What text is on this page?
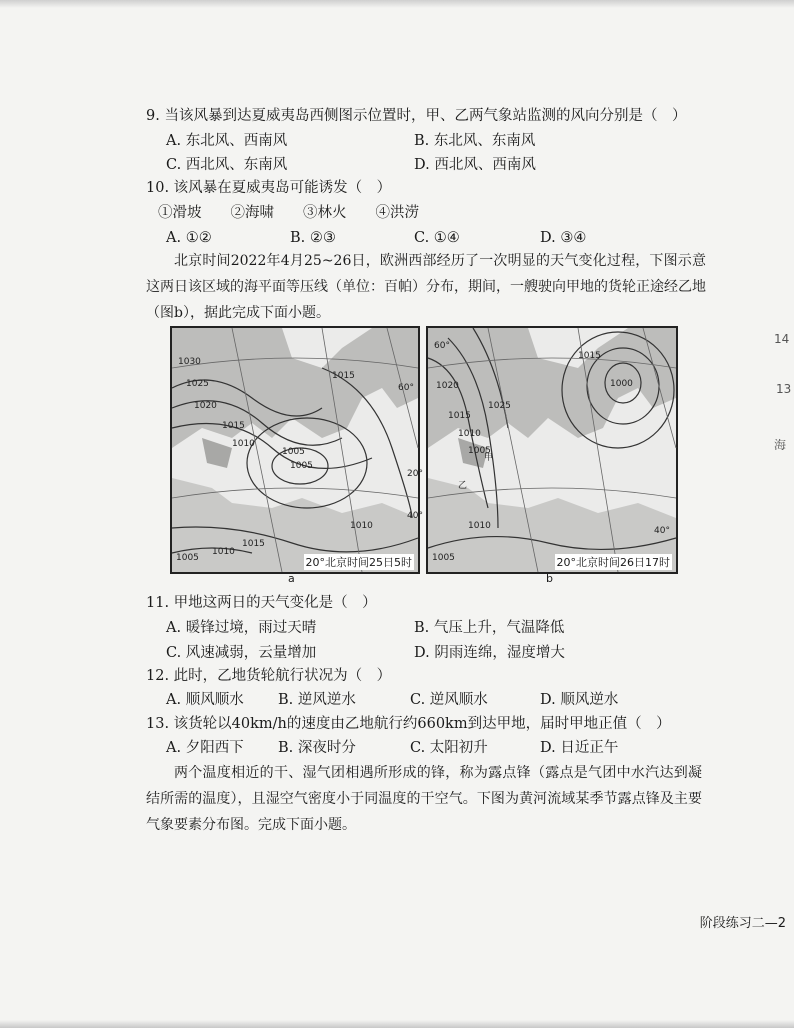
9. 当该风暴到达夏威夷岛西侧图示位置时，甲、乙两气象站监测的风向分别是（　）
A. 东北风、西南风	B. 东北风、东南风
C. 西北风、东南风	D. 西北风、西南风
10. 该风暴在夏威夷岛可能诱发（　）
①滑坡　　②海啸　　③林火　　④洪涝
A. ①②	B. ②③	C. ①④	D. ③④
北京时间2022年4月25~26日，欧洲西部经历了一次明显的天气变化过程，下图示意这两日该区域的海平面等压线（单位：百帕）分布，期间，一艘驶向甲地的货轮正途经乙地（图b），据此完成下面小题。
1030
1025
1020
1015
1010
1005
1005
1015
1010
1015
1010
1005
60°
20°
40°
20°北京时间25日5时
a
1020
1015
1010
1005
1025
1000
1015
1005
1010
60°
40°
甲
乙
20°北京时间26日17时
b
11. 甲地这两日的天气变化是（　）
A. 暖锋过境，雨过天晴	B. 气压上升，气温降低
C. 风速减弱，云量增加	D. 阴雨连绵，湿度增大
12. 此时，乙地货轮航行状况为（　）
A. 顺风顺水 B. 逆风逆水	C. 逆风顺水	D. 顺风逆水
13. 该货轮以40km/h的速度由乙地航行约660km到达甲地，届时甲地正值（　）
A. 夕阳西下 B. 深夜时分	C. 太阳初升	D. 日近正午
两个温度相近的干、湿气团相遇所形成的锋，称为露点锋（露点是气团中水汽达到凝结所需的温度），且湿空气密度小于同温度的干空气。下图为黄河流域某季节露点锋及主要气象要素分布图。完成下面小题。
14
13
海
阶段练习二—2
